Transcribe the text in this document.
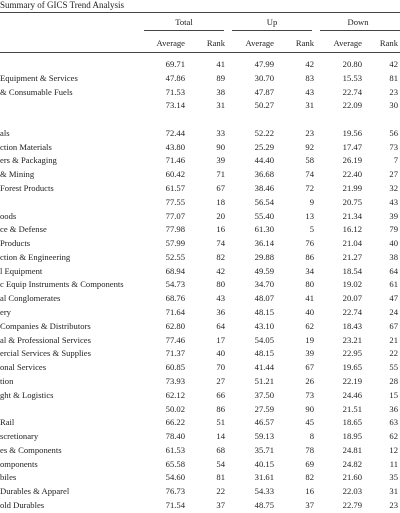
Summary of GICS Trend Analysis
Total	Up	Down
Average	Rank	Average	Rank	Average	Rank
	69.71	41	47.99	42	20.80	42
Equipment & Services	47.86	89	30.70	83	15.53	81
& Consumable Fuels	71.53	38	47.87	43	22.74	23
	73.14	31	50.27	31	22.09	30

als	72.44	33	52.22	23	19.56	56
ction Materials	43.80	90	25.29	92	17.47	73
ers & Packaging	71.46	39	44.40	58	26.19	7
& Mining	60.42	71	36.68	74	22.40	27
Forest Products	61.57	67	38.46	72	21.99	32
	77.55	18	56.54	9	20.75	43
oods	77.07	20	55.40	13	21.34	39
ce & Defense	77.98	16	61.30	5	16.12	79
Products	57.99	74	36.14	76	21.04	40
ction & Engineering	52.55	82	29.88	86	21.27	38
l Equipment	68.94	42	49.59	34	18.54	64
c Equip Instruments & Components	54.73	80	34.70	80	19.02	61
al Conglomerates	68.76	43	48.07	41	20.07	47
ery	71.64	36	48.15	40	22.74	24
Companies & Distributors	62.80	64	43.10	62	18.43	67
al & Professional Services	77.46	17	54.05	19	23.21	21
ercial Services & Supplies	71.37	40	48.15	39	22.95	22
onal Services	60.85	70	41.44	67	19.65	55
tion	73.93	27	51.21	26	22.19	28
ght & Logistics	62.12	66	37.50	73	24.46	15
	50.02	86	27.59	90	21.51	36
Rail	66.22	51	46.57	45	18.65	63
scretionary	78.40	14	59.13	8	18.95	62
es & Components	61.53	68	35.71	78	24.81	12
omponents	65.58	54	40.15	69	24.82	11
biles	54.60	81	31.61	82	21.60	35
Durables & Apparel	76.73	22	54.33	16	22.03	31
old Durables	71.54	37	48.75	37	22.79	23
